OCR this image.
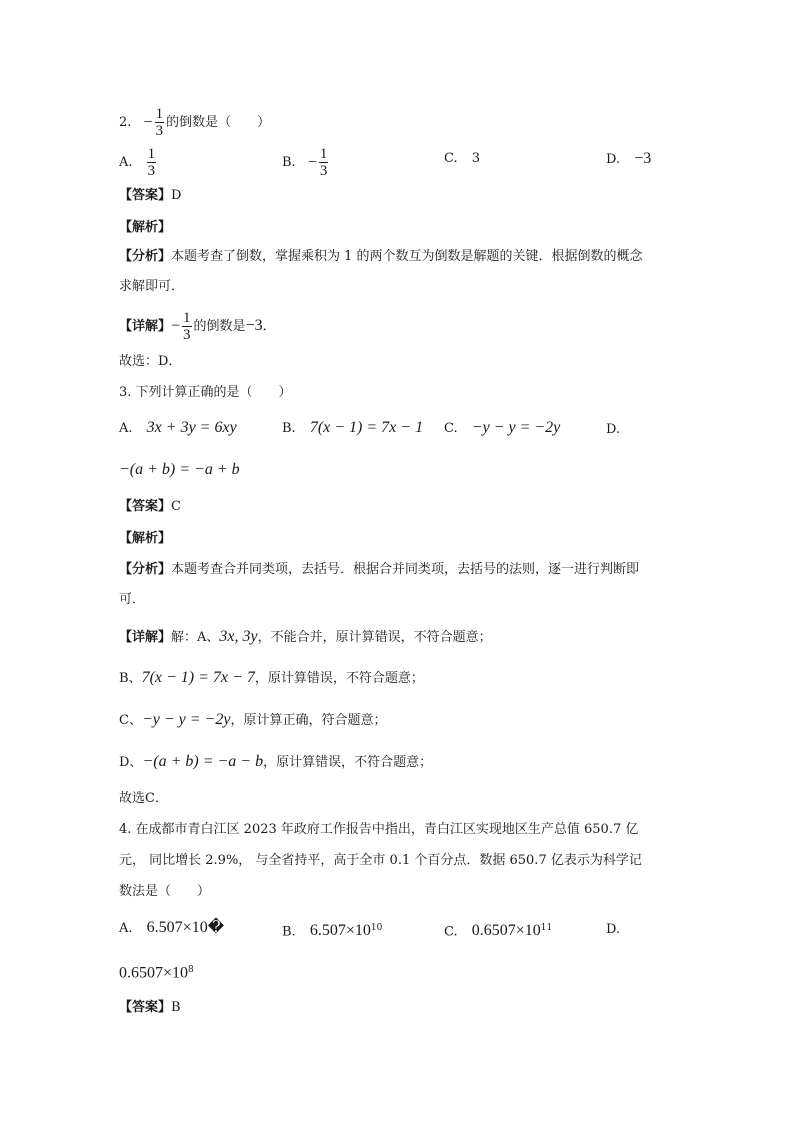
2. − $\frac{1}{3}$ 的倒数是（　　）
A. $\frac{1}{3}$	B. − $\frac{1}{3}$	C. 3	D. −3
【答案】D
【解析】
【分析】本题考查了倒数，掌握乘积为 1 的两个数互为倒数是解题的关键．根据倒数的概念
求解即可．
【详解】− $\frac{1}{3}$ 的倒数是−3．
故选：D．
3. 下列计算正确的是（　　）
A. 3x + 3y = 6xy	B. 7(x − 1) = 7x − 1 C. −y − y = −2y	D.
−(a + b) = −a + b
【答案】C
【解析】
【分析】本题考查合并同类项，去括号．根据合并同类项，去括号的法则，逐一进行判断即
可．
【详解】解：A、3x, 3y，不能合并，原计算错误，不符合题意；
B、7(x − 1) = 7x − 7，原计算错误，不符合题意；
C、−y − y = −2y，原计算正确，符合题意；
D、−(a + b) = −a − b，原计算错误，不符合题意；
故选C．
4. 在成都市青白江区 2023 年政府工作报告中指出，青白江区实现地区生产总值 650.7 亿
元， 同比增长 2.9%， 与全省持平，高于全市 0.1 个百分点．数据 650.7 亿表示为科学记
数法是（　　）
A. 6.507×10�	B. $6.507\times 10^{10}$	C. $0.6507\times 10^{11}$	D.
$0.6507\times 10^8$
【答案】B
